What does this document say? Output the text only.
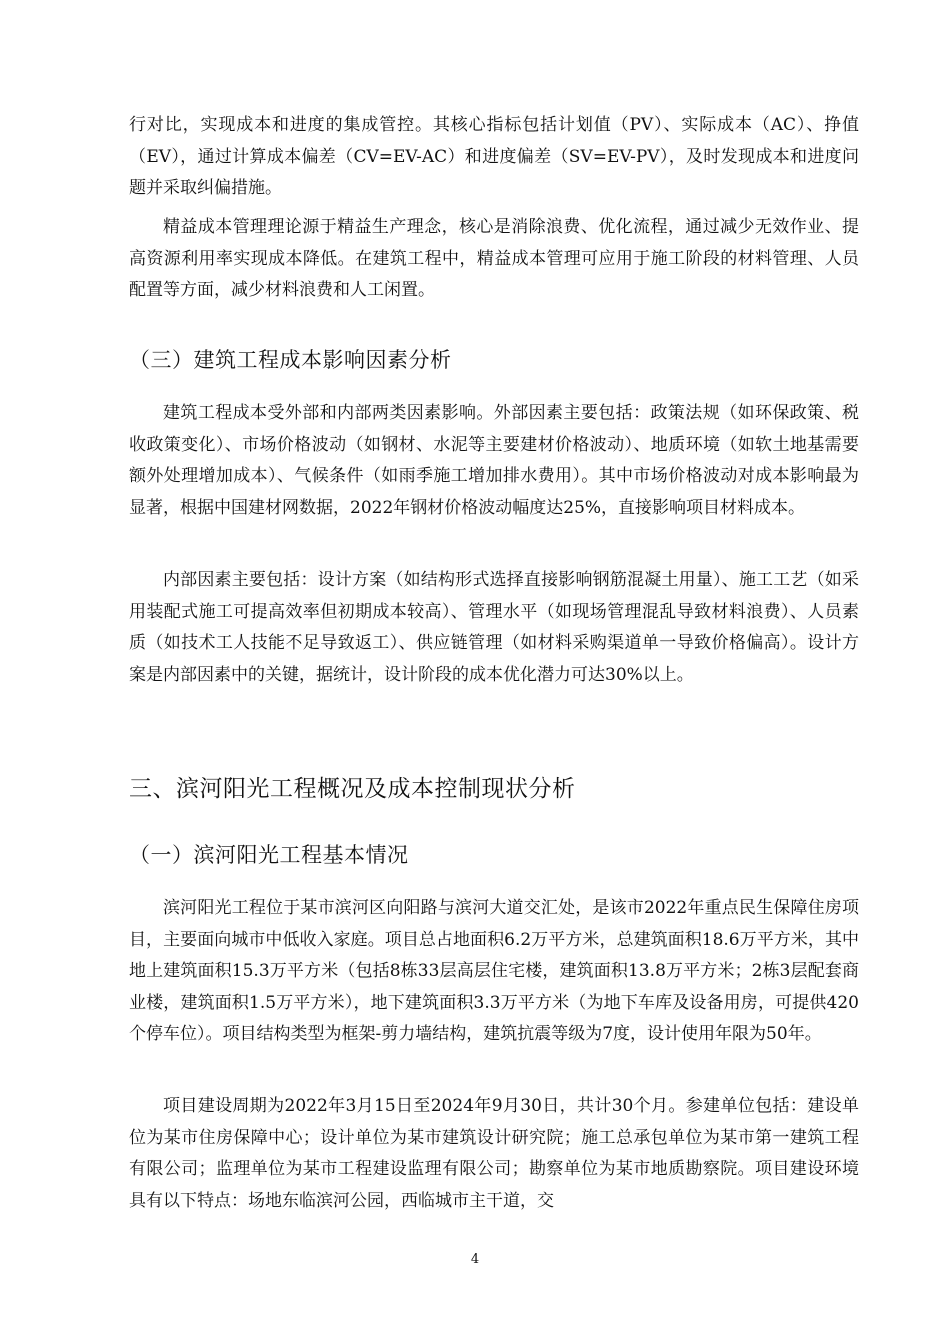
行对比，实现成本和进度的集成管控。其核心指标包括计划值（PV）、实际成本（AC）、挣值（EV），通过计算成本偏差（CV=EV-AC）和进度偏差（SV=EV-PV），及时发现成本和进度问题并采取纠偏措施。

精益成本管理理论源于精益生产理念，核心是消除浪费、优化流程，通过减少无效作业、提高资源利用率实现成本降低。在建筑工程中，精益成本管理可应用于施工阶段的材料管理、人员配置等方面，减少材料浪费和人工闲置。

（三）建筑工程成本影响因素分析

建筑工程成本受外部和内部两类因素影响。外部因素主要包括：政策法规（如环保政策、税收政策变化）、市场价格波动（如钢材、水泥等主要建材价格波动）、地质环境（如软土地基需要额外处理增加成本）、气候条件（如雨季施工增加排水费用）。其中市场价格波动对成本影响最为显著，根据中国建材网数据，2022年钢材价格波动幅度达25%，直接影响项目材料成本。

内部因素主要包括：设计方案（如结构形式选择直接影响钢筋混凝土用量）、施工工艺（如采用装配式施工可提高效率但初期成本较高）、管理水平（如现场管理混乱导致材料浪费）、人员素质（如技术工人技能不足导致返工）、供应链管理（如材料采购渠道单一导致价格偏高）。设计方案是内部因素中的关键，据统计，设计阶段的成本优化潜力可达30%以上。

三、滨河阳光工程概况及成本控制现状分析
（一）滨河阳光工程基本情况

滨河阳光工程位于某市滨河区向阳路与滨河大道交汇处，是该市2022年重点民生保障住房项目，主要面向城市中低收入家庭。项目总占地面积6.2万平方米，总建筑面积18.6万平方米，其中地上建筑面积15.3万平方米（包括8栋33层高层住宅楼，建筑面积13.8万平方米；2栋3层配套商业楼，建筑面积1.5万平方米），地下建筑面积3.3万平方米（为地下车库及设备用房，可提供420个停车位）。项目结构类型为框架-剪力墙结构，建筑抗震等级为7度，设计使用年限为50年。

项目建设周期为2022年3月15日至2024年9月30日，共计30个月。参建单位包括：建设单位为某市住房保障中心；设计单位为某市建筑设计研究院；施工总承包单位为某市第一建筑工程有限公司；监理单位为某市工程建设监理有限公司；勘察单位为某市地质勘察院。项目建设环境具有以下特点：场地东临滨河公园，西临城市主干道，交

4
